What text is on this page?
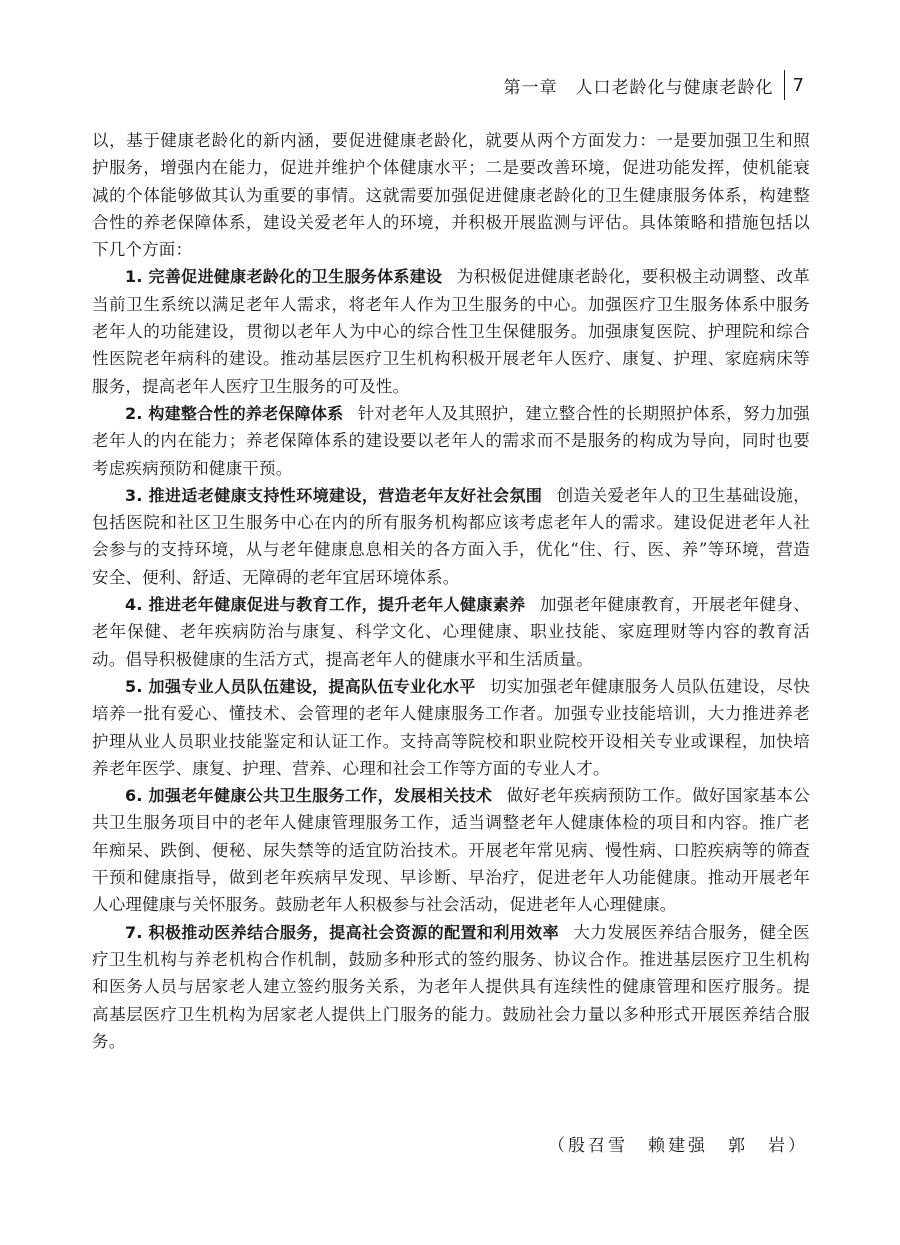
第一章　人口老龄化与健康老龄化 7

以，基于健康老龄化的新内涵，要促进健康老龄化，就要从两个方面发力：一是要加强卫生和照护服务，增强内在能力，促进并维护个体健康水平；二是要改善环境，促进功能发挥，使机能衰减的个体能够做其认为重要的事情。这就需要加强促进健康老龄化的卫生健康服务体系，构建整合性的养老保障体系，建设关爱老年人的环境，并积极开展监测与评估。具体策略和措施包括以下几个方面：

1. 完善促进健康老龄化的卫生服务体系建设 为积极促进健康老龄化，要积极主动调整、改革当前卫生系统以满足老年人需求，将老年人作为卫生服务的中心。加强医疗卫生服务体系中服务老年人的功能建设，贯彻以老年人为中心的综合性卫生保健服务。加强康复医院、护理院和综合性医院老年病科的建设。推动基层医疗卫生机构积极开展老年人医疗、康复、护理、家庭病床等服务，提高老年人医疗卫生服务的可及性。

2. 构建整合性的养老保障体系 针对老年人及其照护，建立整合性的长期照护体系，努力加强老年人的内在能力；养老保障体系的建设要以老年人的需求而不是服务的构成为导向，同时也要考虑疾病预防和健康干预。

3. 推进适老健康支持性环境建设，营造老年友好社会氛围 创造关爱老年人的卫生基础设施，包括医院和社区卫生服务中心在内的所有服务机构都应该考虑老年人的需求。建设促进老年人社会参与的支持环境，从与老年健康息息相关的各方面入手，优化“住、行、医、养”等环境，营造安全、便利、舒适、无障碍的老年宜居环境体系。

4. 推进老年健康促进与教育工作，提升老年人健康素养 加强老年健康教育，开展老年健身、老年保健、老年疾病防治与康复、科学文化、心理健康、职业技能、家庭理财等内容的教育活动。倡导积极健康的生活方式，提高老年人的健康水平和生活质量。

5. 加强专业人员队伍建设，提高队伍专业化水平 切实加强老年健康服务人员队伍建设，尽快培养一批有爱心、懂技术、会管理的老年人健康服务工作者。加强专业技能培训，大力推进养老护理从业人员职业技能鉴定和认证工作。支持高等院校和职业院校开设相关专业或课程，加快培养老年医学、康复、护理、营养、心理和社会工作等方面的专业人才。

6. 加强老年健康公共卫生服务工作，发展相关技术 做好老年疾病预防工作。做好国家基本公共卫生服务项目中的老年人健康管理服务工作，适当调整老年人健康体检的项目和内容。推广老年痴呆、跌倒、便秘、尿失禁等的适宜防治技术。开展老年常见病、慢性病、口腔疾病等的筛查干预和健康指导，做到老年疾病早发现、早诊断、早治疗，促进老年人功能健康。推动开展老年人心理健康与关怀服务。鼓励老年人积极参与社会活动，促进老年人心理健康。

7. 积极推动医养结合服务，提高社会资源的配置和利用效率 大力发展医养结合服务，健全医疗卫生机构与养老机构合作机制，鼓励多种形式的签约服务、协议合作。推进基层医疗卫生机构和医务人员与居家老人建立签约服务关系，为老年人提供具有连续性的健康管理和医疗服务。提高基层医疗卫生机构为居家老人提供上门服务的能力。鼓励社会力量以多种形式开展医养结合服务。

（殷召雪　赖建强　郭　岩）
